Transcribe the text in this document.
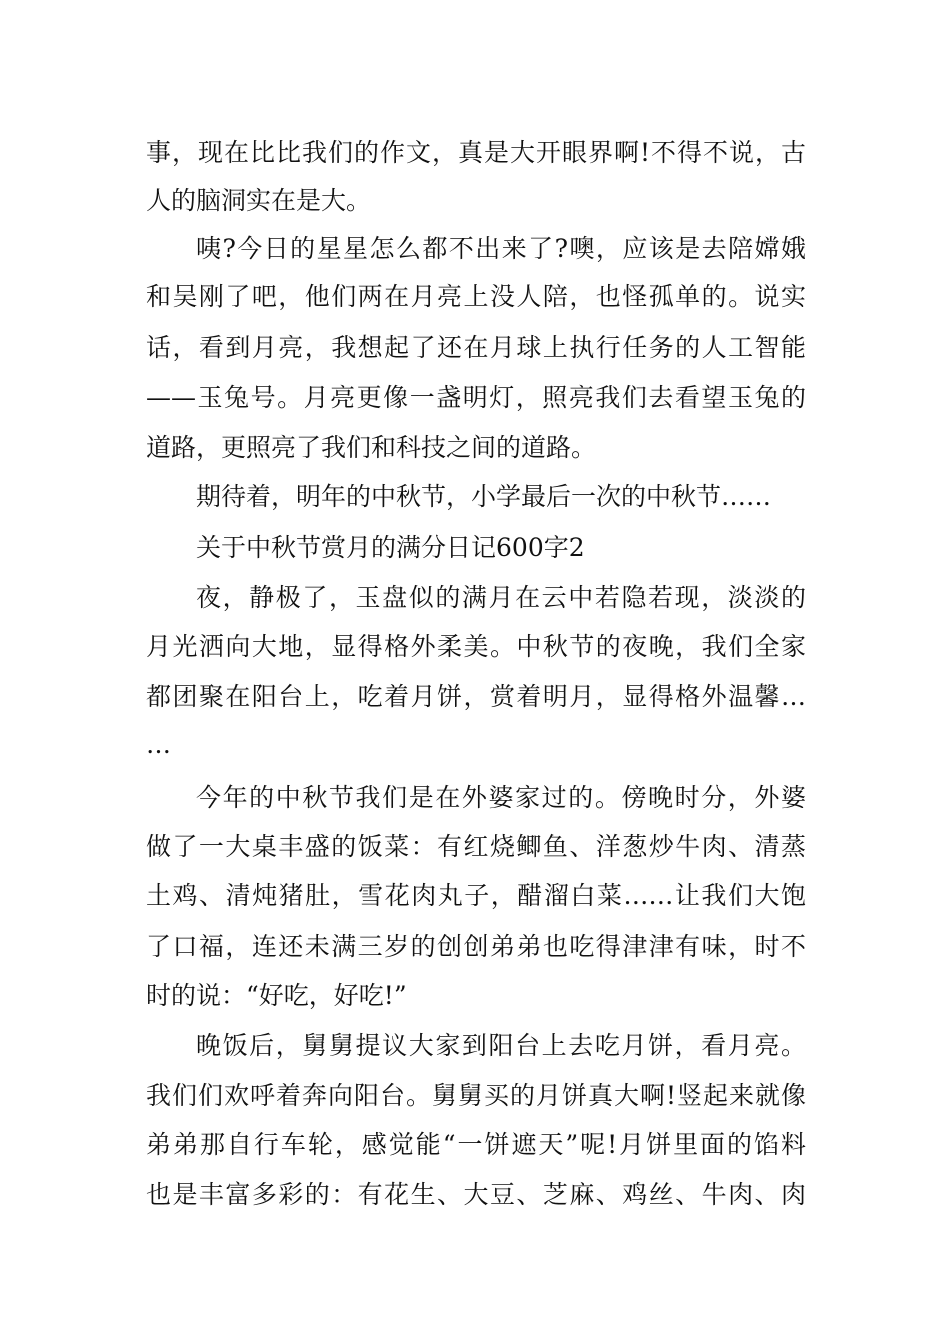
事，现在比比我们的作文，真是大开眼界啊!不得不说，古
人的脑洞实在是大。
咦?今日的星星怎么都不出来了?噢，应该是去陪嫦娥
和吴刚了吧，他们两在月亮上没人陪，也怪孤单的。说实
话，看到月亮，我想起了还在月球上执行任务的人工智能
——玉兔号。月亮更像一盏明灯，照亮我们去看望玉兔的
道路，更照亮了我们和科技之间的道路。
期待着，明年的中秋节，小学最后一次的中秋节……
关于中秋节赏月的满分日记600字2
夜，静极了，玉盘似的满月在云中若隐若现，淡淡的
月光洒向大地，显得格外柔美。中秋节的夜晚，我们全家
都团聚在阳台上，吃着月饼，赏着明月，显得格外温馨…
…
今年的中秋节我们是在外婆家过的。傍晚时分，外婆
做了一大桌丰盛的饭菜：有红烧鲫鱼、洋葱炒牛肉、清蒸
土鸡、清炖猪肚，雪花肉丸子，醋溜白菜……让我们大饱
了口福，连还未满三岁的创创弟弟也吃得津津有味，时不
时的说：“好吃，好吃!”
晚饭后，舅舅提议大家到阳台上去吃月饼，看月亮。
我们们欢呼着奔向阳台。舅舅买的月饼真大啊!竖起来就像
弟弟那自行车轮，感觉能“一饼遮天”呢!月饼里面的馅料
也是丰富多彩的：有花生、大豆、芝麻、鸡丝、牛肉、肉
